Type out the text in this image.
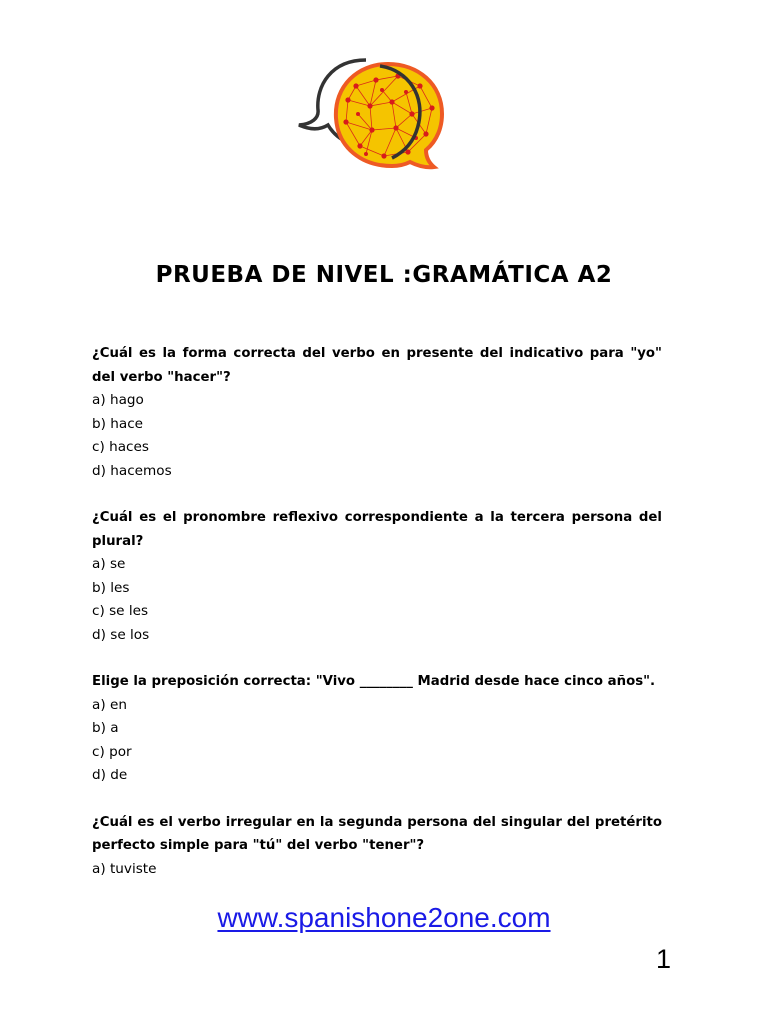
PRUEBA DE NIVEL :GRAMÁTICA A2

¿Cuál es la forma correcta del verbo en presente del indicativo para "yo" del verbo "hacer"?

a) hago

b) hace

c) haces

d) hacemos

¿Cuál es el pronombre reflexivo correspondiente a la tercera persona del plural?

a) se

b) les

c) se les

d) se los

Elige la preposición correcta: "Vivo ________ Madrid desde hace cinco años".

a) en

b) a

c) por

d) de

¿Cuál es el verbo irregular en la segunda persona del singular del pretérito perfecto simple para "tú" del verbo "tener"?

a) tuviste

www.spanishone2one.com
1
